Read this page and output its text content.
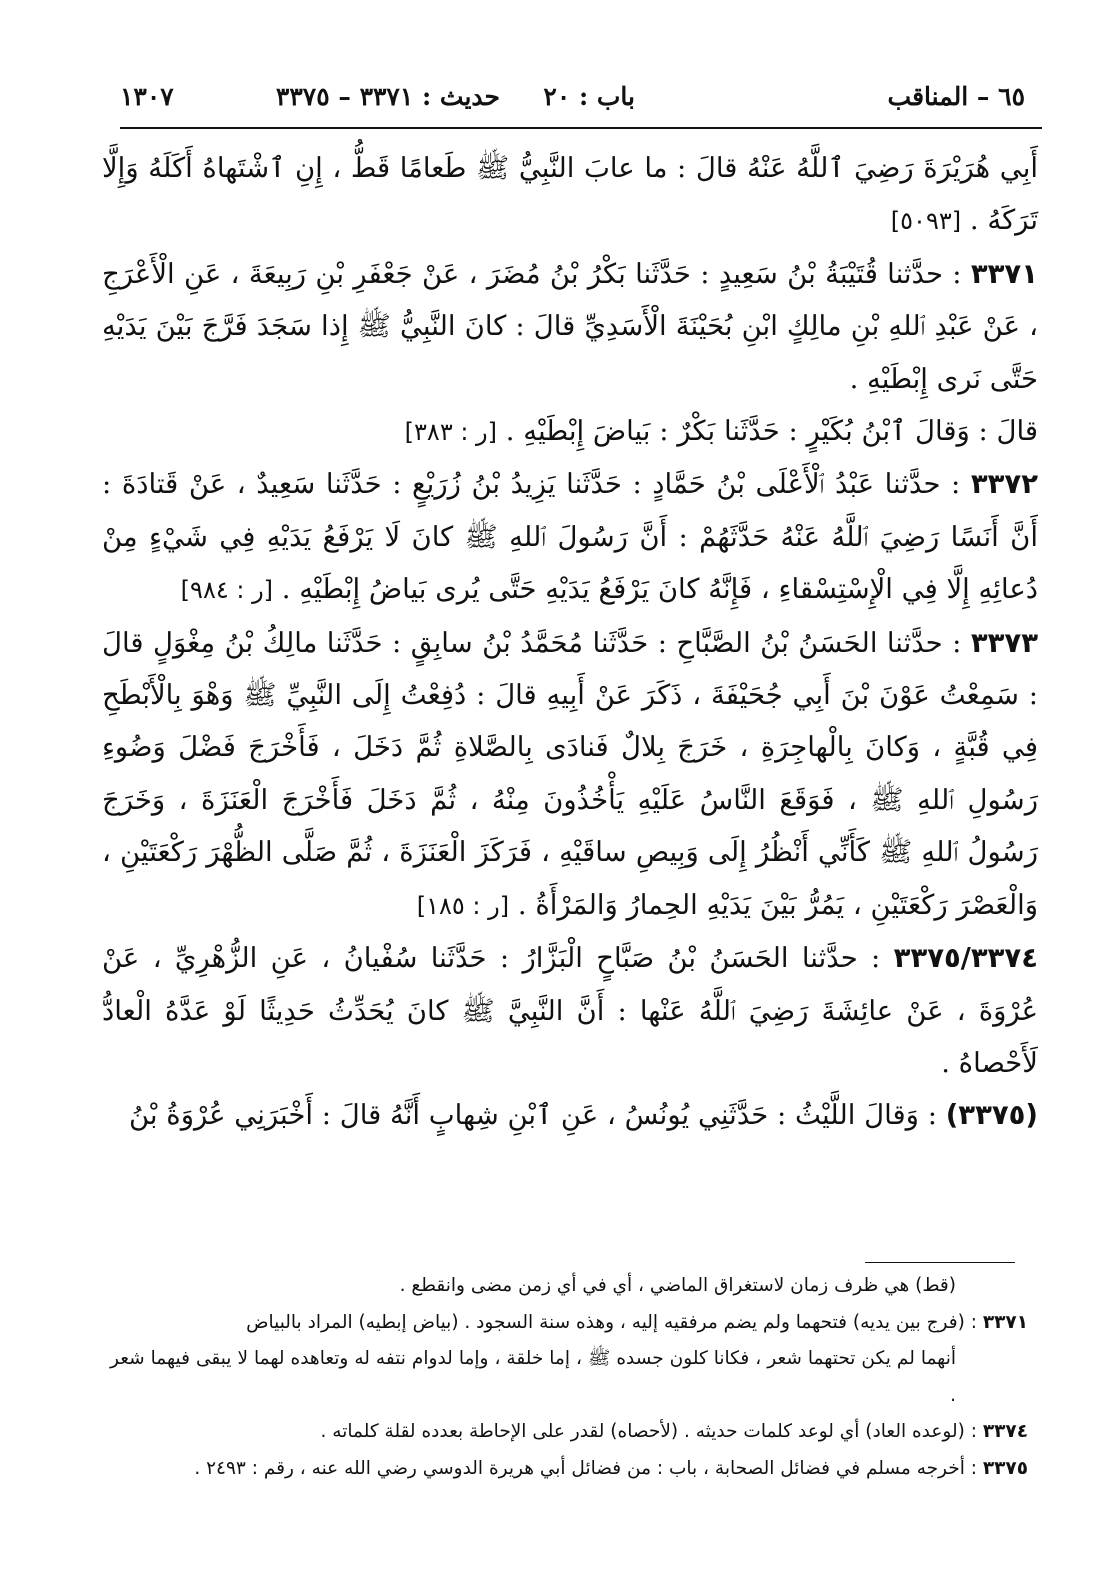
٦٥ – المناقب
باب : ٢٠
حديث : ٣٣٧١ – ٣٣٧٥
١٣٠٧

أَبِي هُرَيْرَةَ رَضِيَ ٱللَّهُ عَنْهُ قالَ : ما عابَ النَّبِيُّ ﷺ طَعامًا قَطُّ ، إِنِ ٱشْتَهاهُ أَكَلَهُ وَإِلَّا تَرَكَهُ . [٥٠٩٣]

٣٣٧١ : حدَّثنا قُتَيْبَةُ بْنُ سَعِيدٍ : حَدَّثَنا بَكْرُ بْنُ مُضَرَ ، عَنْ جَعْفَرِ بْنِ رَبِيعَةَ ، عَنِ الْأَعْرَجِ ، عَنْ عَبْدِ ٱللهِ بْنِ مالِكٍ ابْنِ بُحَيْنَةَ الْأَسَدِيِّ قالَ : كانَ النَّبِيُّ ﷺ إِذا سَجَدَ فَرَّجَ بَيْنَ يَدَيْهِ حَتَّى نَرى إِبْطَيْهِ .

قالَ : وَقالَ ٱبْنُ بُكَيْرٍ : حَدَّثَنا بَكْرٌ : بَياضَ إِبْطَيْهِ . [ر : ٣٨٣]

٣٣٧٢ : حدَّثنا عَبْدُ ٱلْأَعْلَى بْنُ حَمَّادٍ : حَدَّثَنا يَزِيدُ بْنُ زُرَيْعٍ : حَدَّثَنا سَعِيدٌ ، عَنْ قَتادَةَ : أَنَّ أَنَسًا رَضِيَ ٱللَّهُ عَنْهُ حَدَّثَهُمْ : أَنَّ رَسُولَ ٱللهِ ﷺ كانَ لَا يَرْفَعُ يَدَيْهِ فِي شَيْءٍ مِنْ دُعائِهِ إِلَّا فِي الْإِسْتِسْقاءِ ، فَإِنَّهُ كانَ يَرْفَعُ يَدَيْهِ حَتَّى يُرى بَياضُ إِبْطَيْهِ . [ر : ٩٨٤]

٣٣٧٣ : حدَّثنا الحَسَنُ بْنُ الصَّبَّاحِ : حَدَّثَنا مُحَمَّدُ بْنُ سابِقٍ : حَدَّثَنا مالِكُ بْنُ مِغْوَلٍ قالَ : سَمِعْتُ عَوْنَ بْنَ أَبِي جُحَيْفَةَ ، ذَكَرَ عَنْ أَبِيهِ قالَ : دُفِعْتُ إِلَى النَّبِيِّ ﷺ وَهْوَ بِالْأَبْطَحِ فِي قُبَّةٍ ، وَكانَ بِالْهاجِرَةِ ، خَرَجَ بِلالٌ فَنادَى بِالصَّلاةِ ثُمَّ دَخَلَ ، فَأَخْرَجَ فَضْلَ وَضُوءِ رَسُولِ ٱللهِ ﷺ ، فَوَقَعَ النَّاسُ عَلَيْهِ يَأْخُذُونَ مِنْهُ ، ثُمَّ دَخَلَ فَأَخْرَجَ الْعَنَزَةَ ، وَخَرَجَ رَسُولُ ٱللهِ ﷺ كَأَنِّي أَنْظُرُ إِلَى وَبِيصِ ساقَيْهِ ، فَرَكَزَ الْعَنَزَةَ ، ثُمَّ صَلَّى الظُّهْرَ رَكْعَتَيْنِ ، وَالْعَصْرَ رَكْعَتَيْنِ ، يَمُرُّ بَيْنَ يَدَيْهِ الحِمارُ وَالمَرْأَةُ . [ر : ١٨٥]

٣٣٧٥/٣٣٧٤ : حدَّثنا الحَسَنُ بْنُ صَبَّاحٍ الْبَزَّارُ : حَدَّثَنا سُفْيانُ ، عَنِ الزُّهْرِيِّ ، عَنْ عُرْوَةَ ، عَنْ عائِشَةَ رَضِيَ ٱللَّهُ عَنْها : أَنَّ النَّبِيَّ ﷺ كانَ يُحَدِّثُ حَدِيثًا لَوْ عَدَّهُ الْعادُّ لَأَحْصاهُ .

(٣٣٧٥) : وَقالَ اللَّيْثُ : حَدَّثَنِي يُونُسُ ، عَنِ ٱبْنِ شِهابٍ أَنَّهُ قالَ : أَخْبَرَنِي عُرْوَةُ بْنُ

(قط) هي ظرف زمان لاستغراق الماضي ، أي في أي زمن مضى وانقطع .

٣٣٧١ : (فرج بين يديه) فتحهما ولم يضم مرفقيه إليه ، وهذه سنة السجود . (بياض إبطيه) المراد بالبياض

أنهما لم يكن تحتهما شعر ، فكانا كلون جسده ﷺ ، إما خلقة ، وإما لدوام نتفه له وتعاهده لهما لا يبقى فيهما شعر .

٣٣٧٤ : (لوعده العاد) أي لوعد كلمات حديثه . (لأحصاه) لقدر على الإحاطة بعدده لقلة كلماته .

٣٣٧٥ : أخرجه مسلم في فضائل الصحابة ، باب : من فضائل أبي هريرة الدوسي رضي الله عنه ، رقم : ٢٤٩٣ .
